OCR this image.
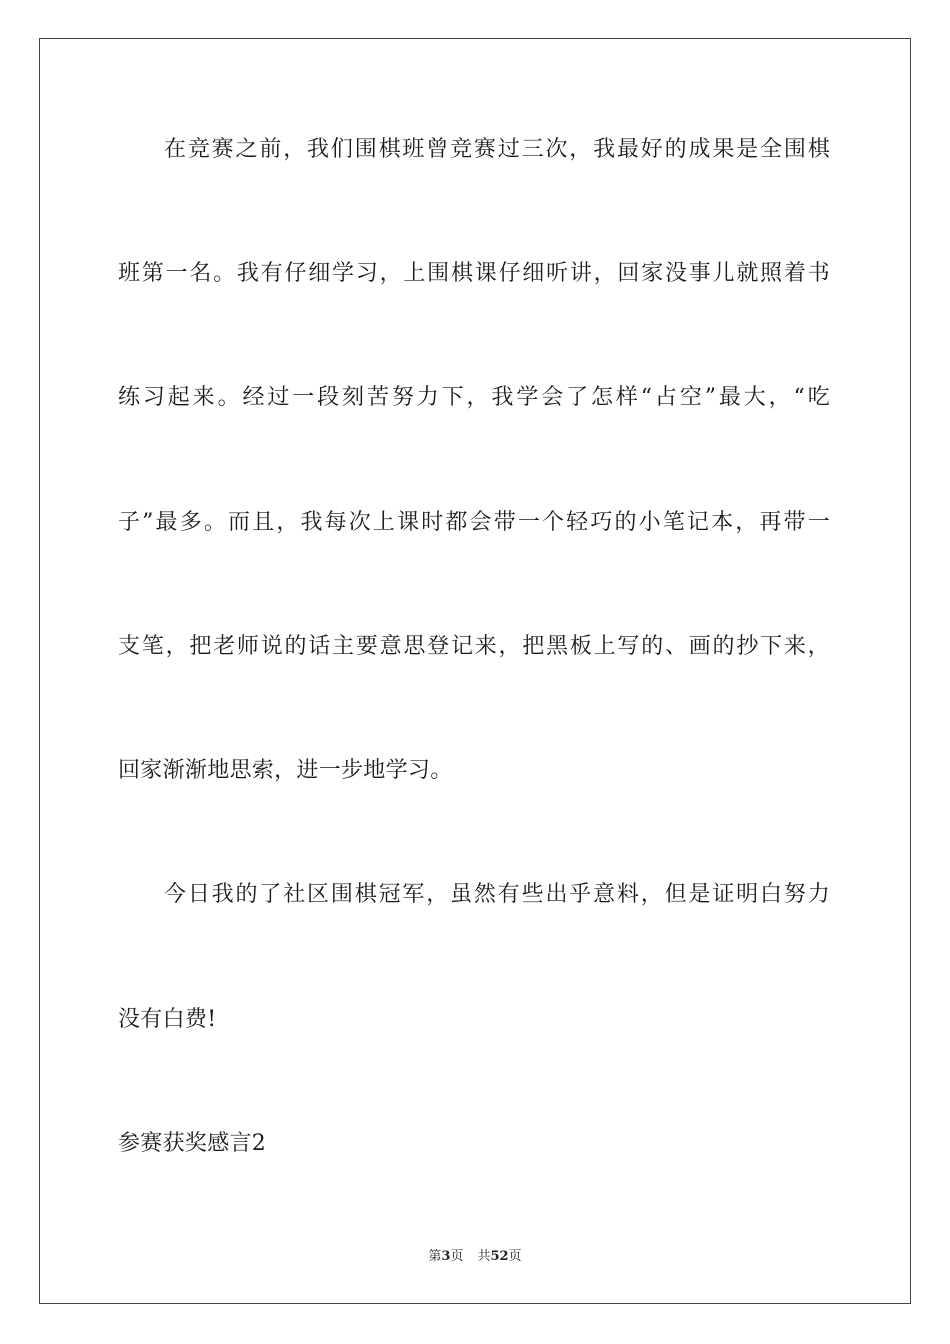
在竞赛之前，我们围棋班曾竞赛过三次，我最好的成果是全围棋
班第一名。我有仔细学习，上围棋课仔细听讲，回家没事儿就照着书
练习起来。经过一段刻苦努力下，我学会了怎样“占空”最大，“吃
子”最多。而且，我每次上课时都会带一个轻巧的小笔记本，再带一
支笔，把老师说的话主要意思登记来，把黑板上写的、画的抄下来，
回家渐渐地思索，进一步地学习。
今日我的了社区围棋冠军，虽然有些出乎意料，但是证明白努力
没有白费!
参赛获奖感言2
第3页 共52页
